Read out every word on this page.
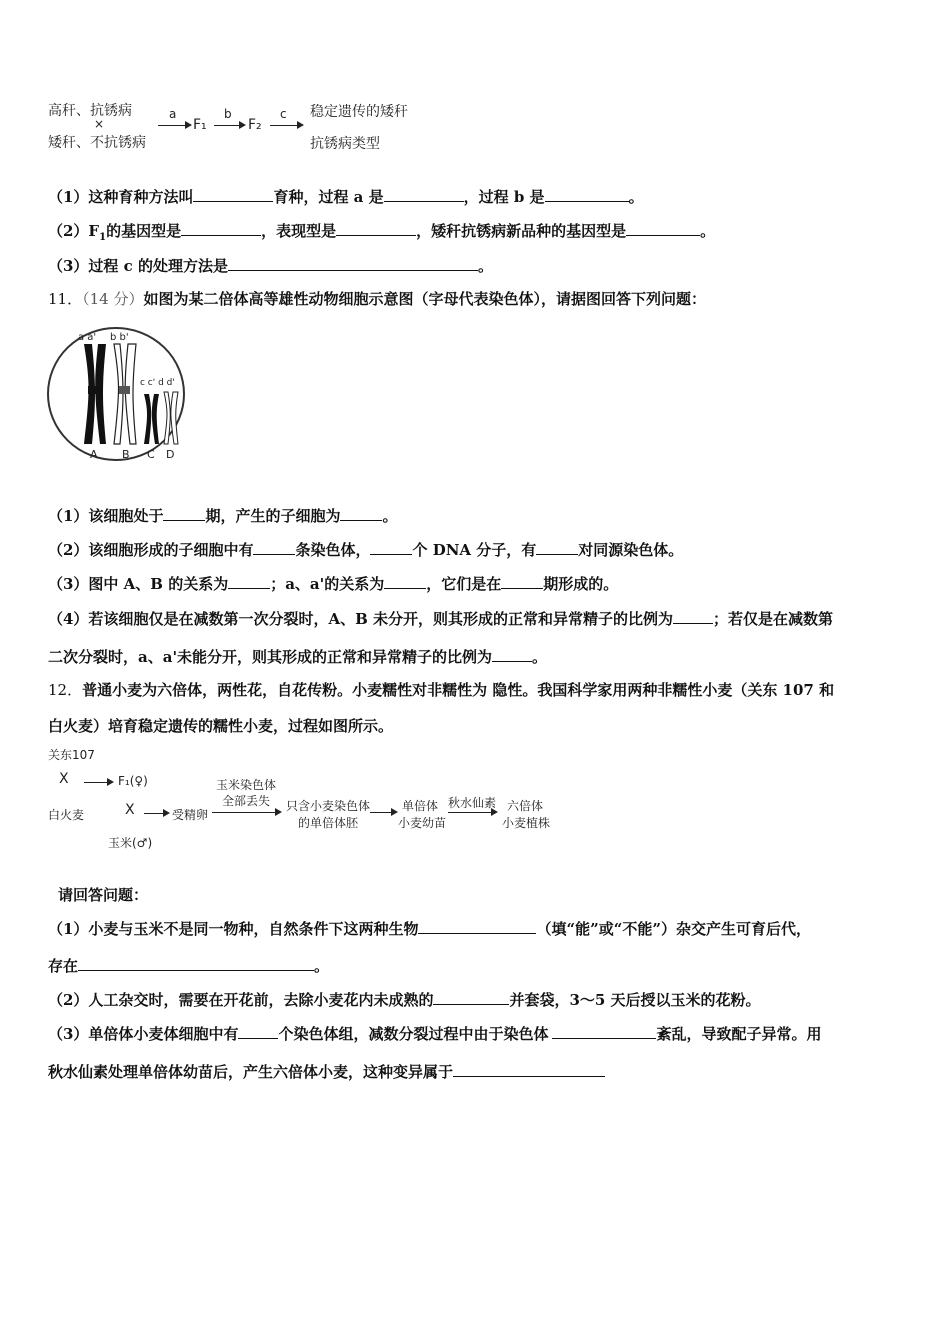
高秆、抗锈病
×
矮秆、不抗锈病
a
F₁
b
F₂
c 稳定遗传的矮秆
抗锈病类型
（1）这种育种方法叫	育种，过程 a 是	，过程 b 是	。
$(2)F_1$的基因型是	，表现型是	，矮秆抗锈病新品种的基因型是	。
（3）过程 c 的处理方法是	。
11．（14 分）如图为某二倍体高等雄性动物细胞示意图（字母代表染色体），请据图回答下列问题：
a a' b b'
c c' d d'
A B C D
（1）该细胞处于	期，产生的子细胞为	。
（2）该细胞形成的子细胞中有	条染色体，	个 DNA 分子，有	对同源染色体。
（3）图中 A、B 的关系为	；a、a'的关系为	，它们是在	期形成的。
（4）若该细胞仅是在减数第一次分裂时，A、B 未分开，则其形成的正常和异常精子的比例为	；若仅是在减数第
二次分裂时，a、a'未能分开，则其形成的正常和异常精子的比例为	。
12．普通小麦为六倍体，两性花，自花传粉。小麦糯性对非糯性为 隐性。我国科学家用两种非糯性小麦（关东 107 和
白火麦）培育稳定遗传的糯性小麦，过程如图所示。
关东107
X	F₁(♀)
白火麦	X	受精卵
玉米(♂)
玉米染色体
全部丢失 只含小麦染色体
的单倍体胚
单倍体
小麦幼苗
秋水仙素 六倍体
小麦植株
请回答问题：
（1）小麦与玉米不是同一物种，自然条件下这两种生物	（填“能”或“不能”）杂交产生可育后代，
存在	。
（2）人工杂交时，需要在开花前，去除小麦花内未成熟的	并套袋，3～5 天后授以玉米的花粉。
（3）单倍体小麦体细胞中有	个染色体组，减数分裂过程中由于染色体	紊乱，导致配子异常。用
秋水仙素处理单倍体幼苗后，产生六倍体小麦，这种变异属于
